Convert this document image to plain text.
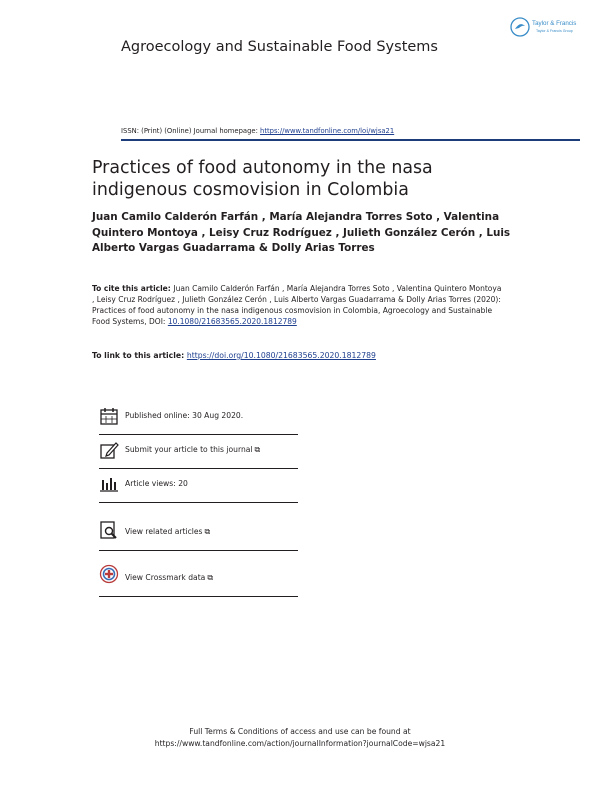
Taylor & Francis
Taylor & Francis Group
Agroecology and Sustainable Food Systems
ISSN: (Print) (Online) Journal homepage: https://www.tandfonline.com/loi/wjsa21
Practices of food autonomy in the nasa indigenous cosmovision in Colombia
Juan Camilo Calderón Farfán , María Alejandra Torres Soto , Valentina Quintero Montoya , Leisy Cruz Rodríguez , Julieth González Cerón , Luis Alberto Vargas Guadarrama & Dolly Arias Torres
To cite this article: Juan Camilo Calderón Farfán , María Alejandra Torres Soto , Valentina Quintero Montoya , Leisy Cruz Rodríguez , Julieth González Cerón , Luis Alberto Vargas Guadarrama & Dolly Arias Torres (2020): Practices of food autonomy in the nasa indigenous cosmovision in Colombia, Agroecology and Sustainable Food Systems, DOI: 10.1080/21683565.2020.1812789
To link to this article: https://doi.org/10.1080/21683565.2020.1812789
Published online: 30 Aug 2020.
Submit your article to this journal ⧉
Article views: 20
View related articles ⧉
View Crossmark data ⧉
Full Terms & Conditions of access and use can be found at
https://www.tandfonline.com/action/journalInformation?journalCode=wjsa21
